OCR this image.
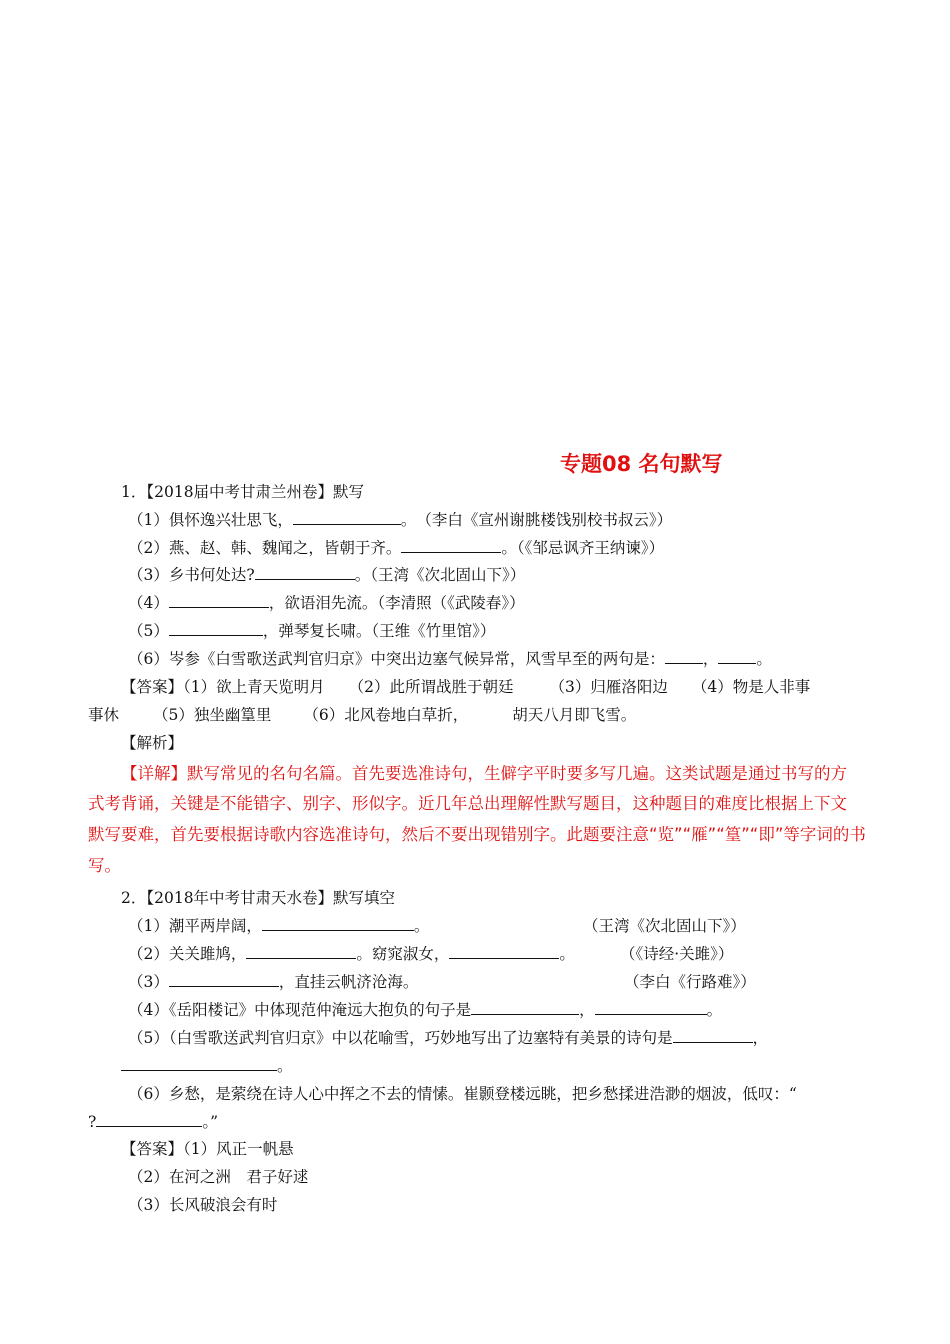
专题08 名句默写
1．【2018届中考甘肃兰州卷】默写
（1）俱怀逸兴壮思飞，	。　（李白《宣州谢朓楼饯别校书叔云》）
（2）燕、赵、韩、魏闻之，皆朝于齐。	。（《邹忌讽齐王纳谏》）
（3）乡书何处达?	。（王湾《次北固山下》）
（4）	，欲语泪先流。（李清照（《武陵春》）
（5）	，弹琴复长啸。（王维《竹里馆》）
（6）岑参《白雪歌送武判官归京》中突出边塞气候异常，风雪早至的两句是： ， 。
【答案】（1）欲上青天览明月 （2）此所谓战胜于朝廷 （3）归雁洛阳边 （4）物是人非事
事休 （5）独坐幽篁里 （6）北风卷地白草折，	胡天八月即飞雪。
【解析】
【详解】默写常见的名句名篇。首先要选准诗句，生僻字平时要多写几遍。这类试题是通过书写的方
式考背诵，关键是不能错字、别字、形似字。近几年总出理解性默写题目，这种题目的难度比根据上下文
默写要难，首先要根据诗歌内容选准诗句，然后不要出现错别字。此题要注意“览”“雁”“篁”“即”等字词的书
写。
2．【2018年中考甘肃天水卷】默写填空
（1）潮平两岸阔，	。	（王湾《次北固山下》）
（2）关关雎鸠，	。窈窕淑女，	。	（《诗经·关雎》）
（3）	，直挂云帆济沧海。	（李白《行路难》）
（4）《岳阳楼记》中体现范仲淹远大抱负的句子是	，	。
（5）（白雪歌送武判官归京》中以花喻雪，巧妙地写出了边塞特有美景的诗句是	，
。
（6）乡愁，是萦绕在诗人心中挥之不去的情愫。崔颢登楼远眺，把乡愁揉进浩渺的烟波，低叹：“
?	。”
【答案】（1）风正一帆悬
（2）在河之洲　君子好逑
（3）长风破浪会有时
